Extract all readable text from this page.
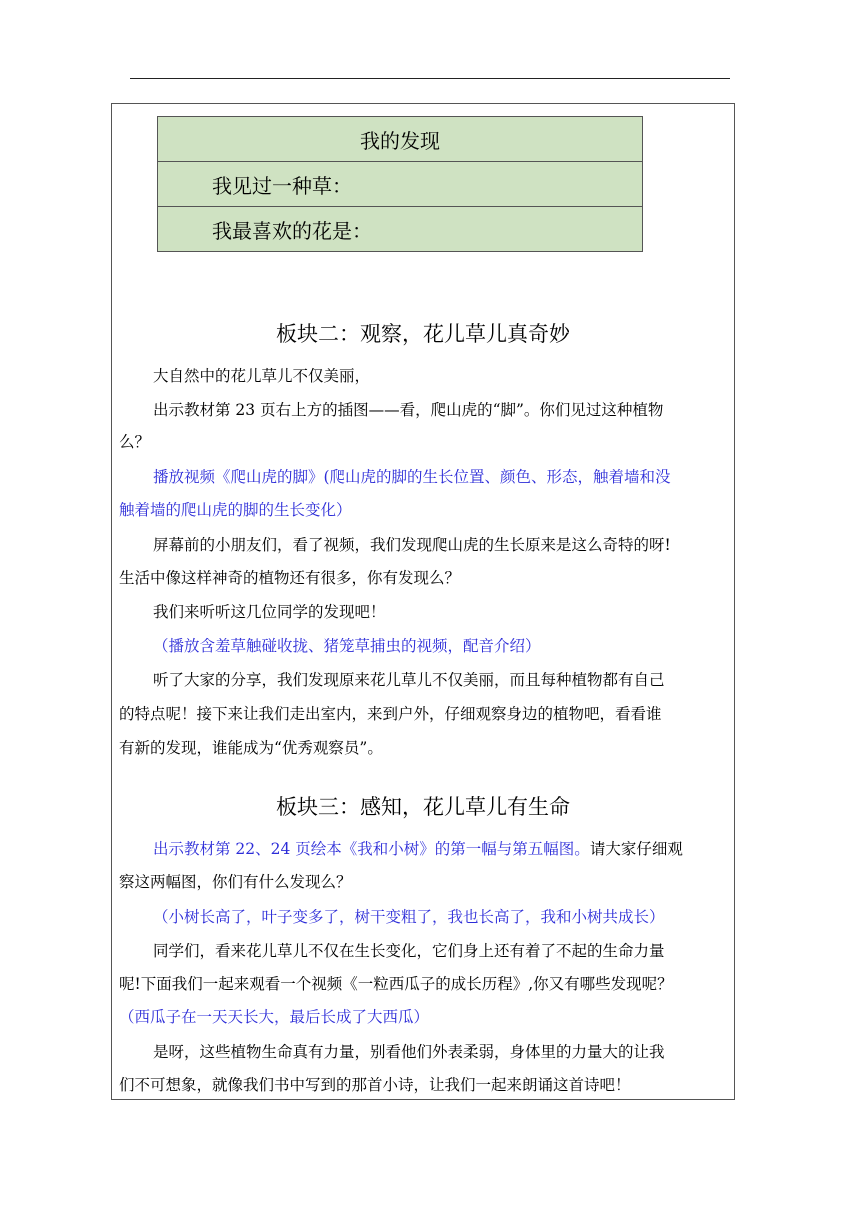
我的发现
我见过一种草：
我最喜欢的花是：
板块二：观察，花儿草儿真奇妙
大自然中的花儿草儿不仅美丽，
出示教材第 23 页右上方的插图——看，爬山虎的“脚”。你们见过这种植物
么？
播放视频《爬山虎的脚》(爬山虎的脚的生长位置、颜色、形态，触着墙和没
触着墙的爬山虎的脚的生长变化）
屏幕前的小朋友们，看了视频，我们发现爬山虎的生长原来是这么奇特的呀!
生活中像这样神奇的植物还有很多，你有发现么？
我们来听听这几位同学的发现吧！
（播放含羞草触碰收拢、猪笼草捕虫的视频，配音介绍）
听了大家的分享，我们发现原来花儿草儿不仅美丽，而且每种植物都有自己
的特点呢！接下来让我们走出室内，来到户外，仔细观察身边的植物吧，看看谁
有新的发现，谁能成为“优秀观察员”。
板块三：感知，花儿草儿有生命
出示教材第 22、24 页绘本《我和小树》的第一幅与第五幅图。请大家仔细观
察这两幅图，你们有什么发现么？
（小树长高了，叶子变多了，树干变粗了，我也长高了，我和小树共成长）
同学们，看来花儿草儿不仅在生长变化，它们身上还有着了不起的生命力量
呢!下面我们一起来观看一个视频《一粒西瓜子的成长历程》,你又有哪些发现呢？
（西瓜子在一天天长大，最后长成了大西瓜）
是呀，这些植物生命真有力量，别看他们外表柔弱，身体里的力量大的让我
们不可想象，就像我们书中写到的那首小诗，让我们一起来朗诵这首诗吧！
